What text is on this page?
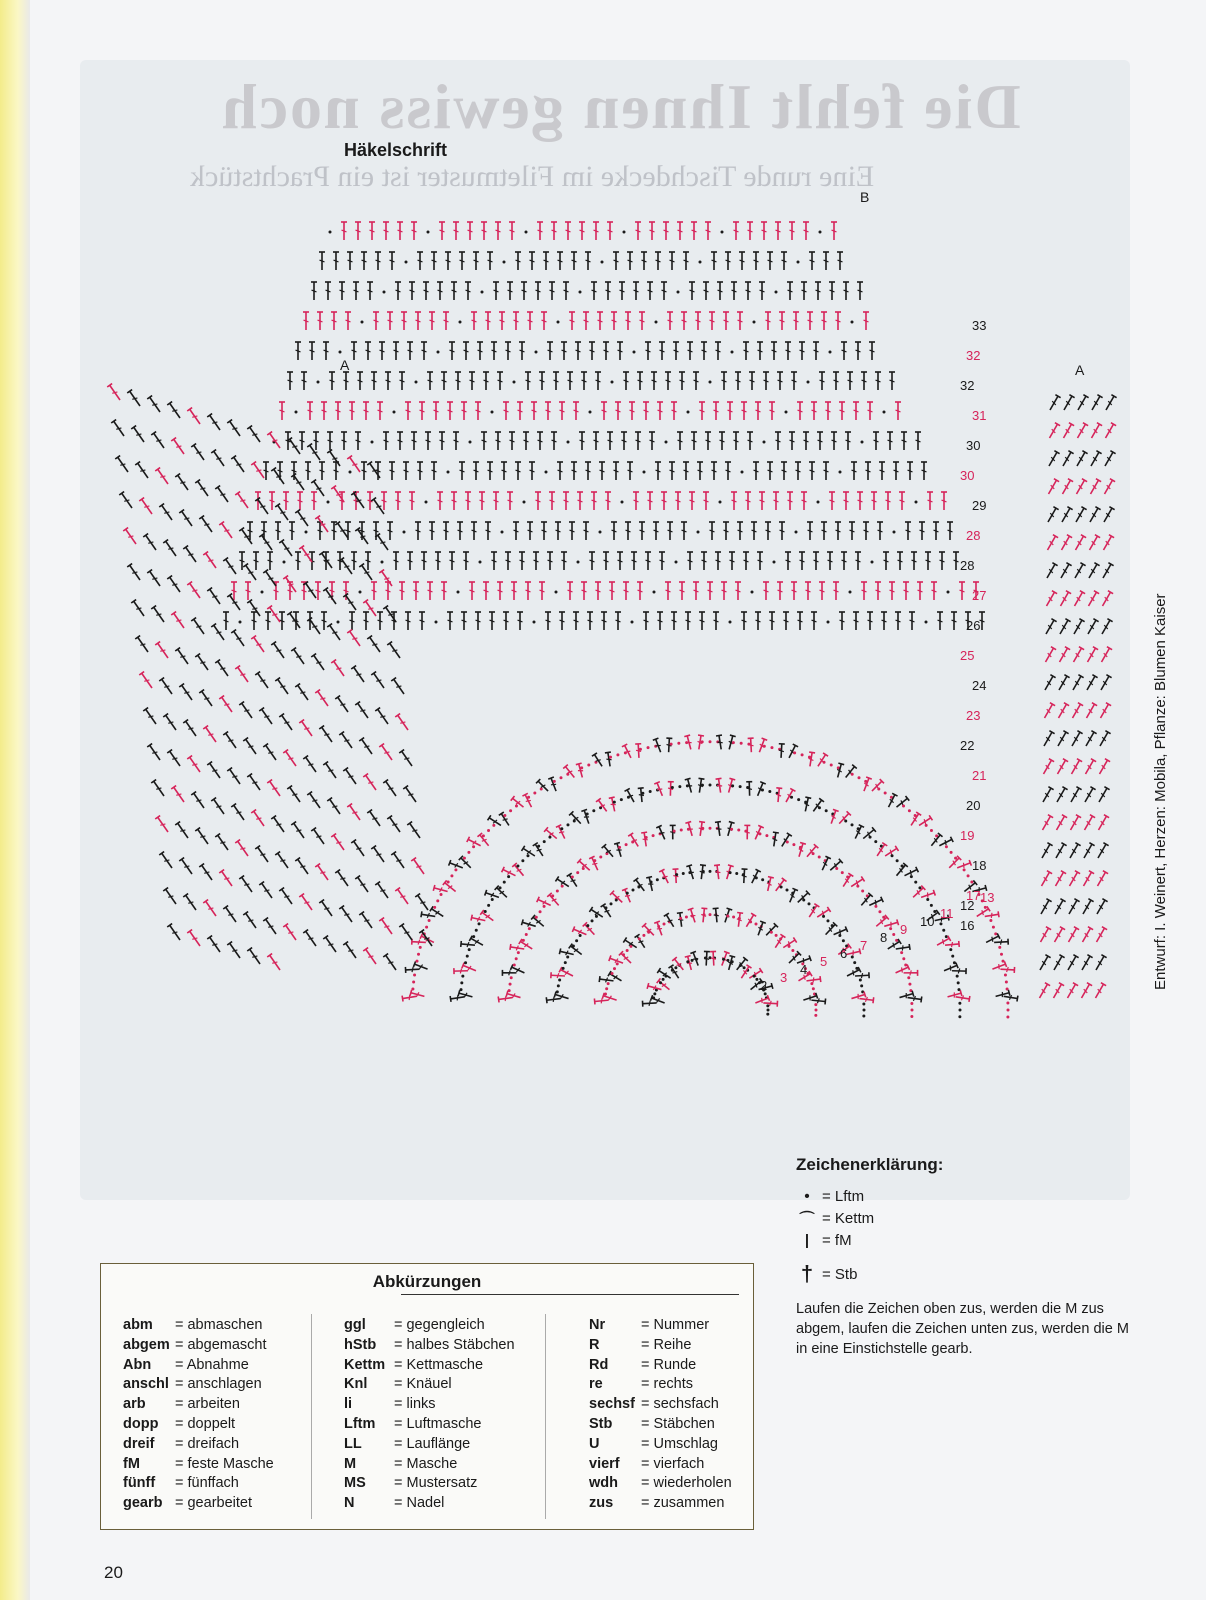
Die fehlt Ihnen gewiss noch
Eine runde Tischdecke im Filetmuster ist ein Prachtstück
Häkelschrift
2
3
4
5
6
7
8
9
10
11
12
13
16
17
18
19
20
21
22
23
24
25
26
27
28
28
29
30
30
31
32
32
33
A	A
B
Entwurf: I. Weinert, Herzen: Mobila, Pflanze: Blumen Kaiser
Zeichenerklärung:
• = Lftm
⌒ = Kettm
| = fM
† = Stb

Laufen die Zeichen oben zus, werden die M zus abgem, laufen die Zeichen unten zus, werden die M in eine Einstichstelle gearb.

Abkürzungen
abm	= abmaschen
abgem = abgemascht
Abn	= Abnahme
anschl = anschlagen
arb	= arbeiten
dopp	= doppelt
dreif	= dreifach
fM	= feste Masche
fünff	= fünffach
gearb = gearbeitet
ggl	= gegengleich
hStb	= halbes Stäbchen
Kettm = Kettmasche
Knl	= Knäuel
li	= links
Lftm	= Luftmasche
LL	= Lauflänge
M	= Masche
MS	= Mustersatz
N	= Nadel
Nr	= Nummer
R	= Reihe
Rd	= Runde
re	= rechts
sechsf = sechsfach
Stb	= Stäbchen
U	= Umschlag
vierf	= vierfach
wdh	= wiederholen
zus	= zusammen
20
